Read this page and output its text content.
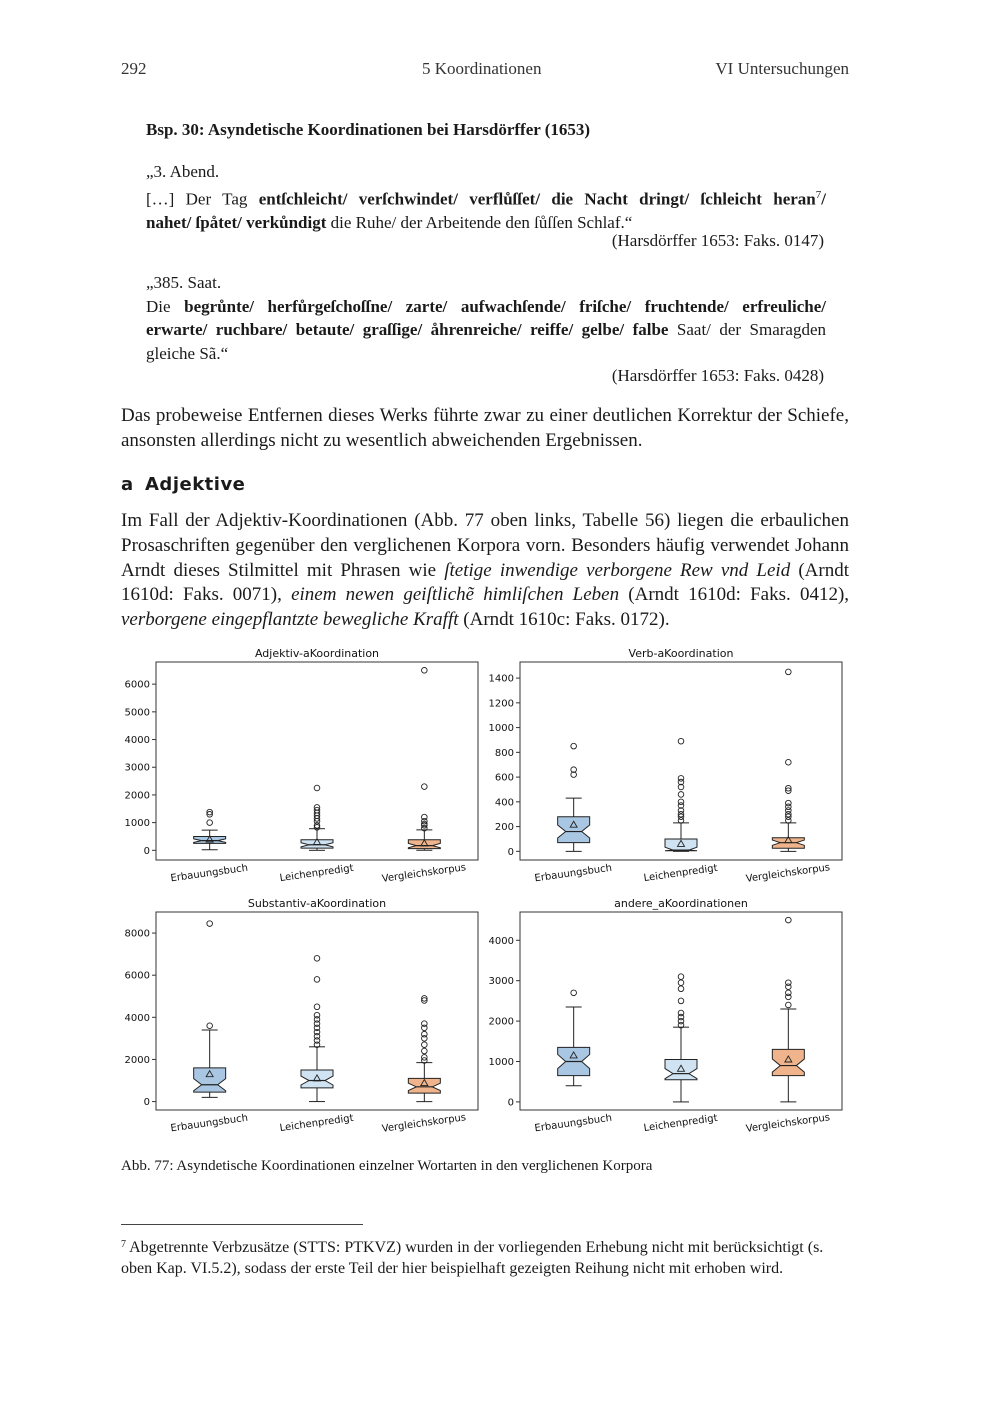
292	5 Koordinationen	VI Untersuchungen
Bsp. 30: Asyndetische Koordinationen bei Harsdörffer (1653)
„3. Abend.
[…] Der Tag entſchleicht/ verſchwindet/ verflůſſet/ die Nacht dringt/ ſchleicht heran$^7$/
nahet/ ſpåtet/ verkůndigt die Ruhe/ der Arbeitende den ſůſſen Schlaf.“
(Harsdörffer 1653: Faks. 0147)
„385. Saat.
Die begrůnte/ herfůrgeſchoſſne/ zarte/ aufwachſende/ friſche/ fruchtende/ erfreuliche/ erwarte/ ruchbare/ betaute/ graſſige/ åhrenreiche/ reiffe/ gelbe/ falbe Saat/ der Smaragden gleiche Sã.“
(Harsdörffer 1653: Faks. 0428)
Das probeweise Entfernen dieses Werks führte zwar zu einer deutlichen Korrektur der Schiefe, ansonsten allerdings nicht zu wesentlich abweichenden Ergebnissen.
a Adjektive
Im Fall der Adjektiv-Koordinationen (Abb. 77 oben links, Tabelle 56) liegen die erbaulichen Prosaschriften gegenüber den verglichenen Korpora vorn. Besonders häufig verwendet Johann Arndt dieses Stilmittel mit Phrasen wie ſtetige inwendige verborgene Rew vnd Leid (Arndt 1610d: Faks. 0071), einem newen geiſtlichẽ himliſchen Leben (Arndt 1610d: Faks. 0412), verborgene eingepflantzte bewegliche Krafft (Arndt 1610c: Faks. 0172).
Adjektiv-aKoordination
0
1000
2000
3000
4000
5000
6000
Erbauungsbuch	Leichenpredigt	Vergleichskorpus
Verb-aKoordination
0
200
400
600
800
1000
1200
1400
Erbauungsbuch	Leichenpredigt	Vergleichskorpus
Substantiv-aKoordination
0
2000
4000
6000
8000
Erbauungsbuch	Leichenpredigt	Vergleichskorpus
andere_aKoordinationen
0
1000
2000
3000
4000
Erbauungsbuch	Leichenpredigt	Vergleichskorpus
Abb. 77: Asyndetische Koordinationen einzelner Wortarten in den verglichenen Korpora
$^7$ Abgetrennte Verbzusätze (STTS: PTKVZ) wurden in der vorliegenden Erhebung nicht mit berücksichtigt (s. oben Kap. VI.5.2), sodass der erste Teil der hier beispielhaft gezeigten Reihung nicht mit erhoben wird.
